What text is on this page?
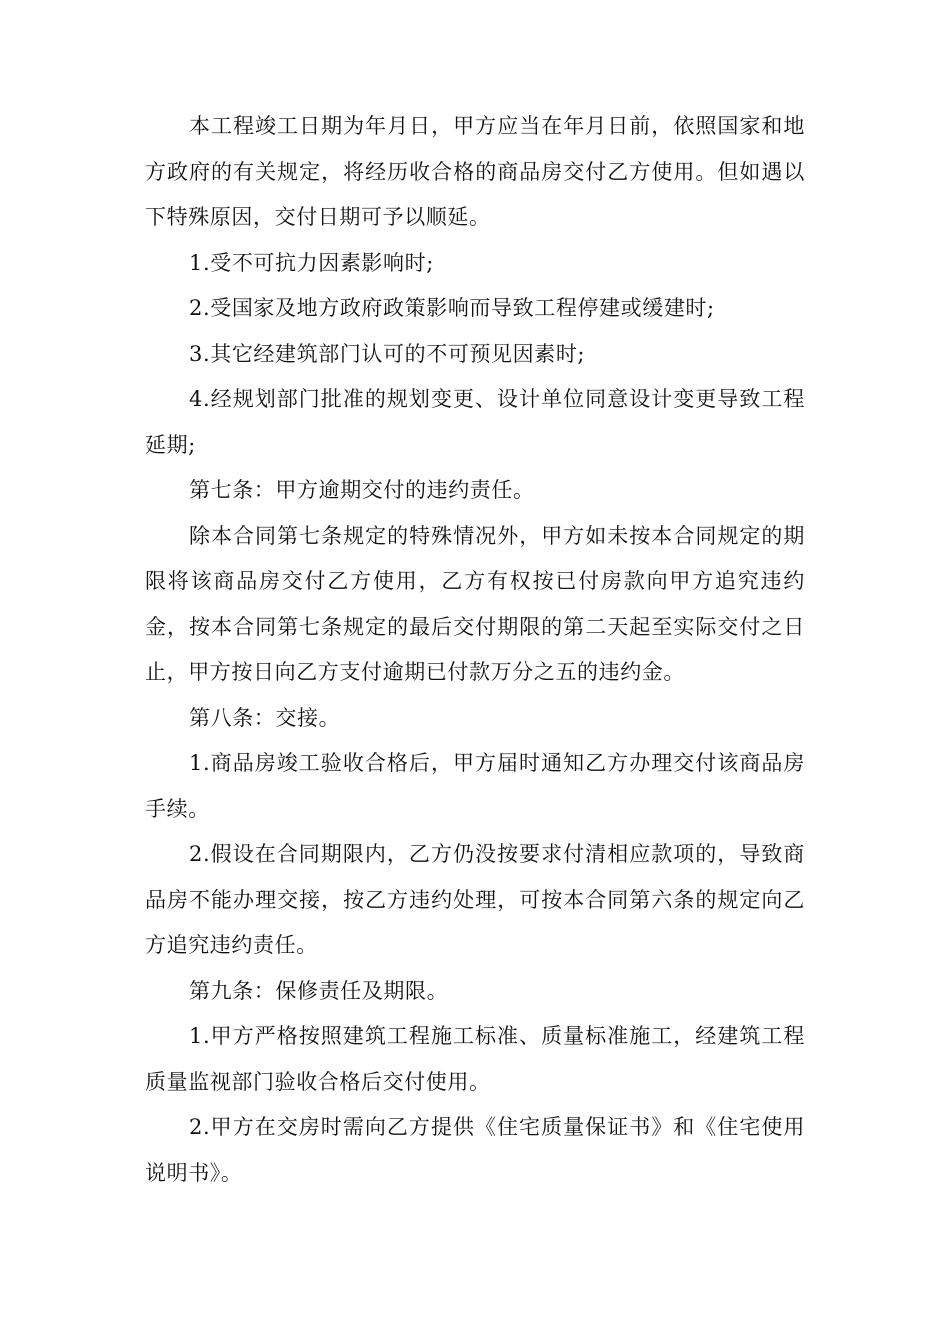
本工程竣工日期为年月日，甲方应当在年月日前，依照国家和地方政府的有关规定，将经历收合格的商品房交付乙方使用。但如遇以下特殊原因，交付日期可予以顺延。

1.受不可抗力因素影响时;

2.受国家及地方政府政策影响而导致工程停建或缓建时;

3.其它经建筑部门认可的不可预见因素时;

4.经规划部门批准的规划变更、设计单位同意设计变更导致工程延期;

第七条：甲方逾期交付的违约责任。

除本合同第七条规定的特殊情况外，甲方如未按本合同规定的期限将该商品房交付乙方使用，乙方有权按已付房款向甲方追究违约金，按本合同第七条规定的最后交付期限的第二天起至实际交付之日止，甲方按日向乙方支付逾期已付款万分之五的违约金。

第八条：交接。

1.商品房竣工验收合格后，甲方届时通知乙方办理交付该商品房手续。

2.假设在合同期限内，乙方仍没按要求付清相应款项的，导致商品房不能办理交接，按乙方违约处理，可按本合同第六条的规定向乙方追究违约责任。

第九条：保修责任及期限。

1.甲方严格按照建筑工程施工标准、质量标准施工，经建筑工程质量监视部门验收合格后交付使用。

2.甲方在交房时需向乙方提供《住宅质量保证书》和《住宅使用说明书》。
